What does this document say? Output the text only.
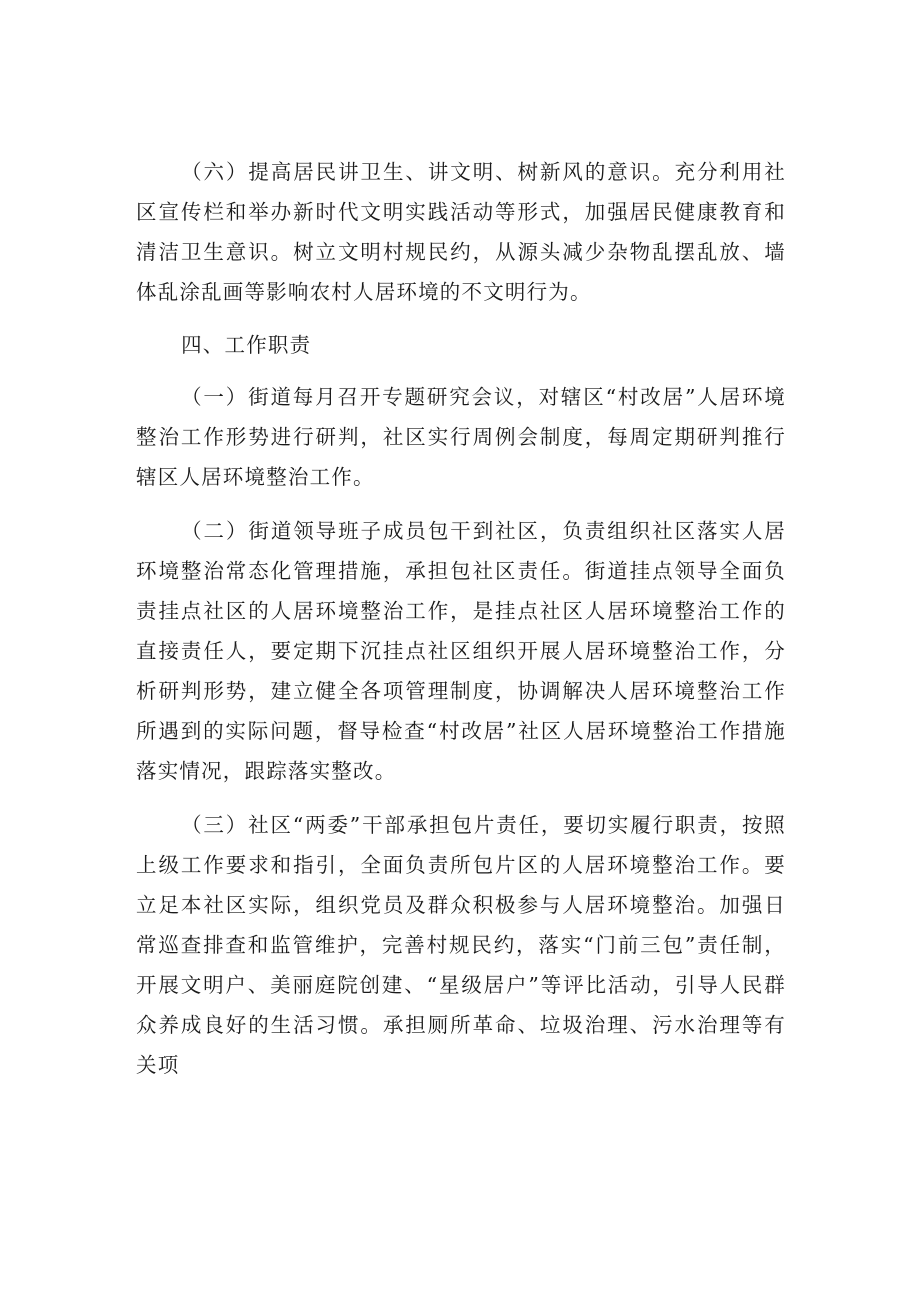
（六）提高居民讲卫生、讲文明、树新风的意识。充分利用社区宣传栏和举办新时代文明实践活动等形式，加强居民健康教育和清洁卫生意识。树立文明村规民约，从源头减少杂物乱摆乱放、墙体乱涂乱画等影响农村人居环境的不文明行为。

四、工作职责

（一）街道每月召开专题研究会议，对辖区“村改居”人居环境整治工作形势进行研判，社区实行周例会制度，每周定期研判推行辖区人居环境整治工作。

（二）街道领导班子成员包干到社区，负责组织社区落实人居环境整治常态化管理措施，承担包社区责任。街道挂点领导全面负责挂点社区的人居环境整治工作，是挂点社区人居环境整治工作的直接责任人，要定期下沉挂点社区组织开展人居环境整治工作，分析研判形势，建立健全各项管理制度，协调解决人居环境整治工作所遇到的实际问题，督导检查“村改居”社区人居环境整治工作措施落实情况，跟踪落实整改。

（三）社区“两委”干部承担包片责任，要切实履行职责，按照上级工作要求和指引，全面负责所包片区的人居环境整治工作。要立足本社区实际，组织党员及群众积极参与人居环境整治。加强日常巡查排查和监管维护，完善村规民约，落实“门前三包”责任制，开展文明户、美丽庭院创建、“星级居户”等评比活动，引导人民群众养成良好的生活习惯。承担厕所革命、垃圾治理、污水治理等有关项
